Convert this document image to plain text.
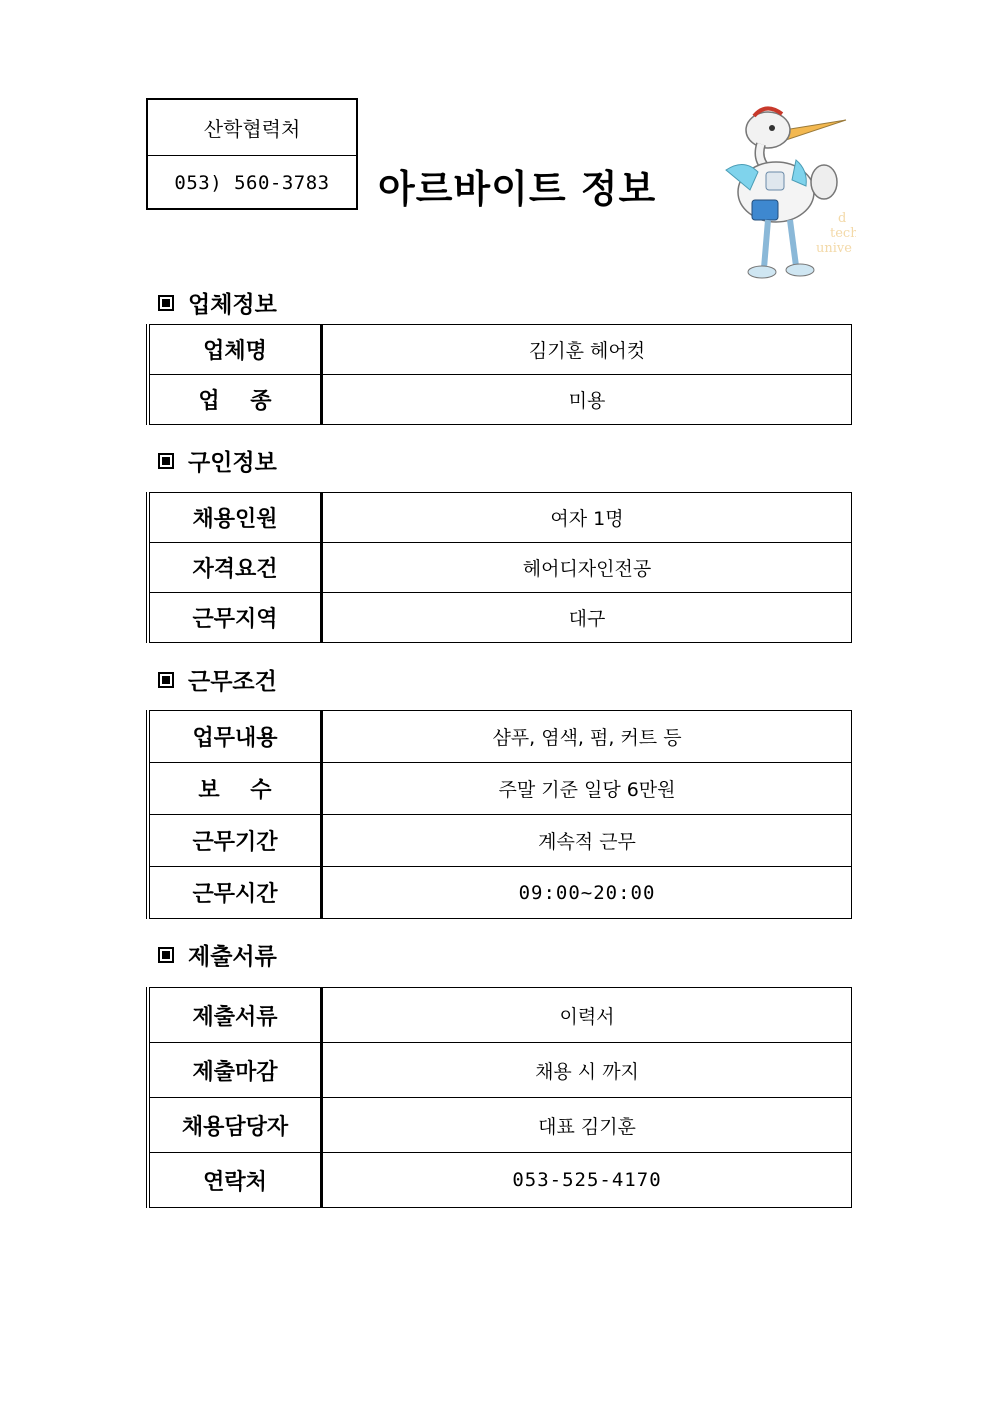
산학협력처
053) 560-3783	아르바이트 정보
d
tech
unive
업체정보
업체명	김기훈 헤어컷
업    종	미용
구인정보
채용인원	여자 1명
자격요건	헤어디자인전공
근무지역	대구
근무조건
업무내용	샴푸, 염색, 펌, 커트 등
보    수	주말 기준 일당 6만원
근무기간	계속적 근무
근무시간	09:00~20:00
제출서류
제출서류	이력서
제출마감	채용 시 까지
채용담당자	대표 김기훈
연락처	053-525-4170
